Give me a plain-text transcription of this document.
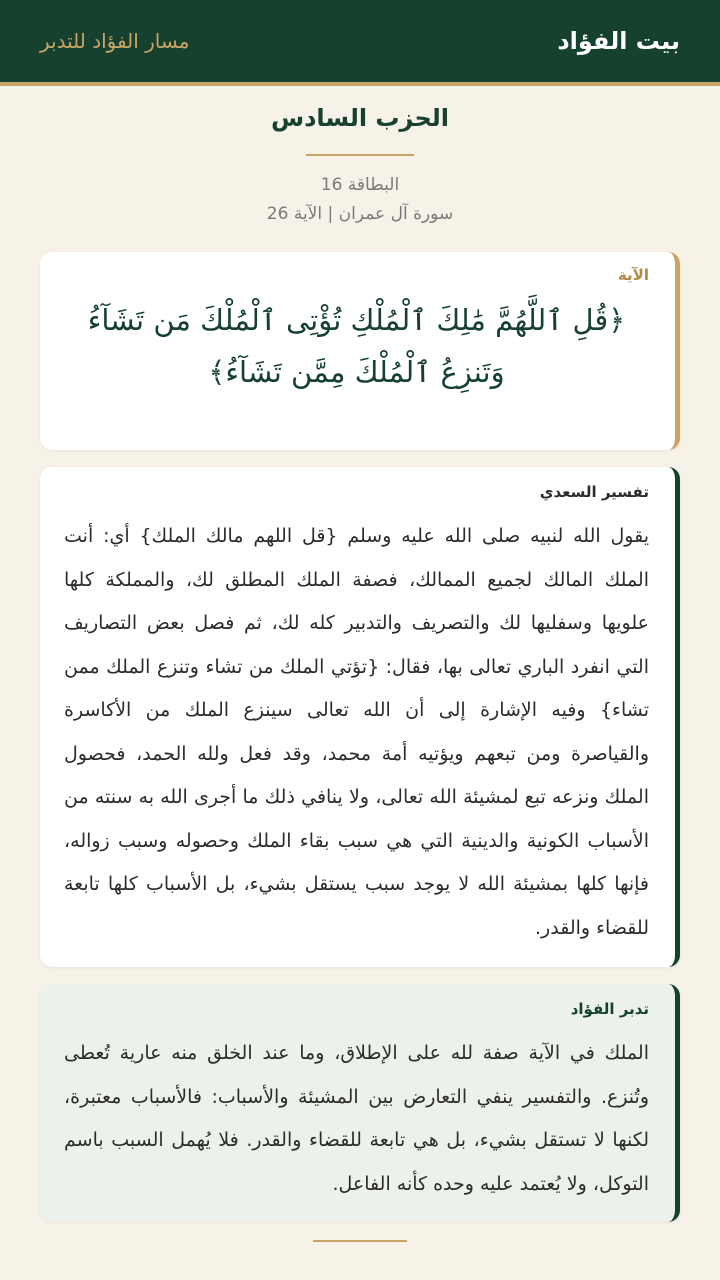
بيت الفؤاد
مسار الفؤاد للتدبر
الحزب السادس
البطاقة 16
سورة آل عمران | الآية 26
الآية
﴿قُلِ ٱللَّهُمَّ مَٰلِكَ ٱلْمُلْكِ تُؤْتِى ٱلْمُلْكَ مَن تَشَآءُ وَتَنزِعُ ٱلْمُلْكَ مِمَّن تَشَآءُ﴾
تفسير السعدي
يقول الله لنبيه صلى الله عليه وسلم {قل اللهم مالك الملك} أي: أنت الملك المالك لجميع الممالك، فصفة الملك المطلق لك، والمملكة كلها علويها وسفليها لك والتصريف والتدبير كله لك، ثم فصل بعض التصاريف التي انفرد الباري تعالى بها، فقال: {تؤتي الملك من تشاء وتنزع الملك ممن تشاء} وفيه الإشارة إلى أن الله تعالى سينزع الملك من الأكاسرة والقياصرة ومن تبعهم ويؤتيه أمة محمد، وقد فعل ولله الحمد، فحصول الملك ونزعه تبع لمشيئة الله تعالى، ولا ينافي ذلك ما أجرى الله به سنته من الأسباب الكونية والدينية التي هي سبب بقاء الملك وحصوله وسبب زواله، فإنها كلها بمشيئة الله لا يوجد سبب يستقل بشيء، بل الأسباب كلها تابعة للقضاء والقدر.
تدبر الفؤاد
الملك في الآية صفة لله على الإطلاق، وما عند الخلق منه عارية تُعطى وتُنزع. والتفسير ينفي التعارض بين المشيئة والأسباب: فالأسباب معتبرة، لكنها لا تستقل بشيء، بل هي تابعة للقضاء والقدر. فلا يُهمل السبب باسم التوكل، ولا يُعتمد عليه وحده كأنه الفاعل.
